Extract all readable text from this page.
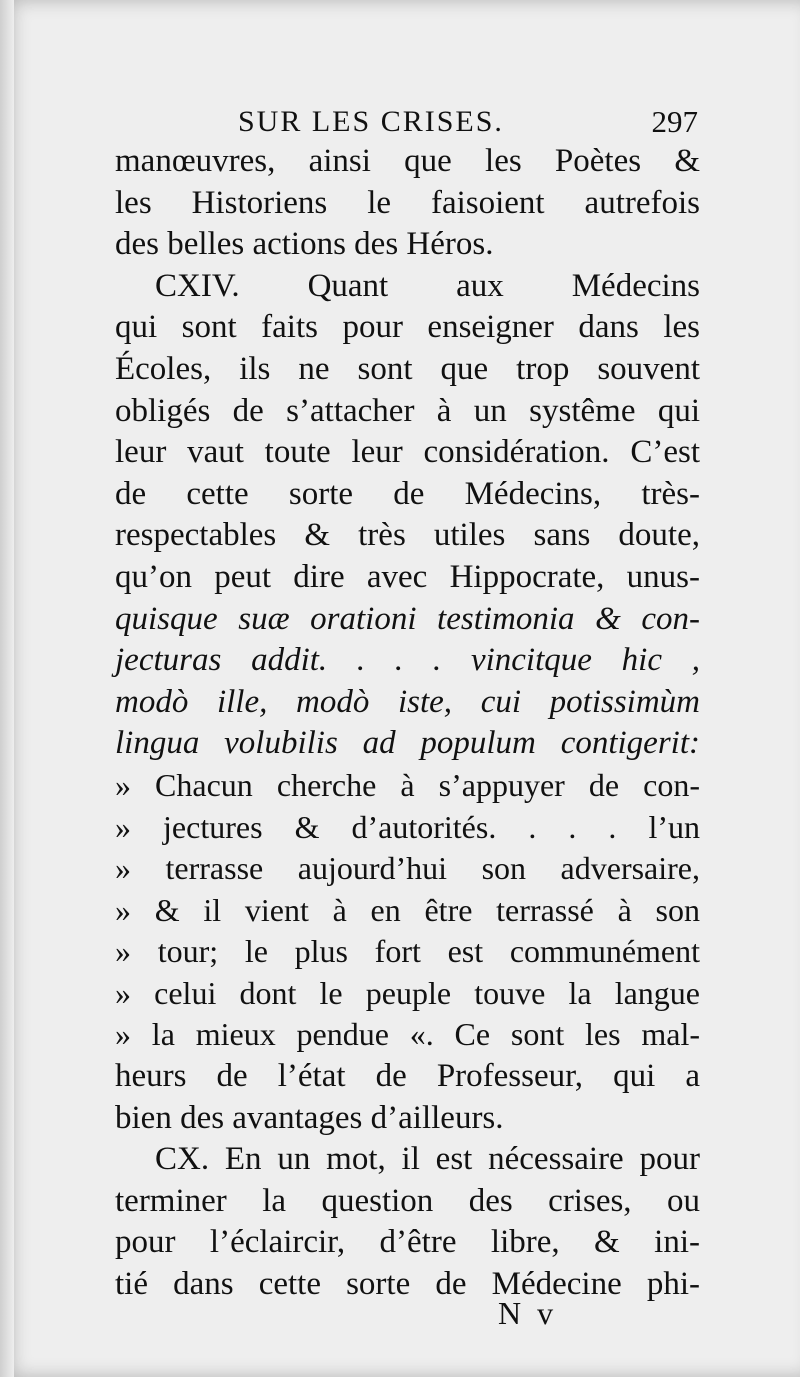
SUR LES CRISES.	297
manœuvres, ainsi que les Poètes &
les Historiens le faisoient autrefois
des belles actions des Héros.
CXIV. Quant aux Médecins
qui sont faits pour enseigner dans les
Écoles, ils ne sont que trop souvent
obligés de s’attacher à un systême qui
leur vaut toute leur considération. C’est
de cette sorte de Médecins, très-
respectables & très utiles sans doute,
qu’on peut dire avec Hippocrate, unus-
quisque suæ orationi testimonia & con-
jecturas addit. . . . vincitque hic ,
modò ille, modò iste, cui potissimùm
lingua volubilis ad populum contigerit:
» Chacun cherche à s’appuyer de con-
» jectures & d’autorités. . . . l’un
» terrasse aujourd’hui son adversaire,
» & il vient à en être terrassé à son
» tour; le plus fort est communément
» celui dont le peuple touve la langue
» la mieux pendue «. Ce sont les mal-
heurs de l’état de Professeur, qui a
bien des avantages d’ailleurs.
CX. En un mot, il est nécessaire pour
terminer la question des crises, ou
pour l’éclaircir, d’être libre, & ini-
tié dans cette sorte de Médecine phi-
N v
